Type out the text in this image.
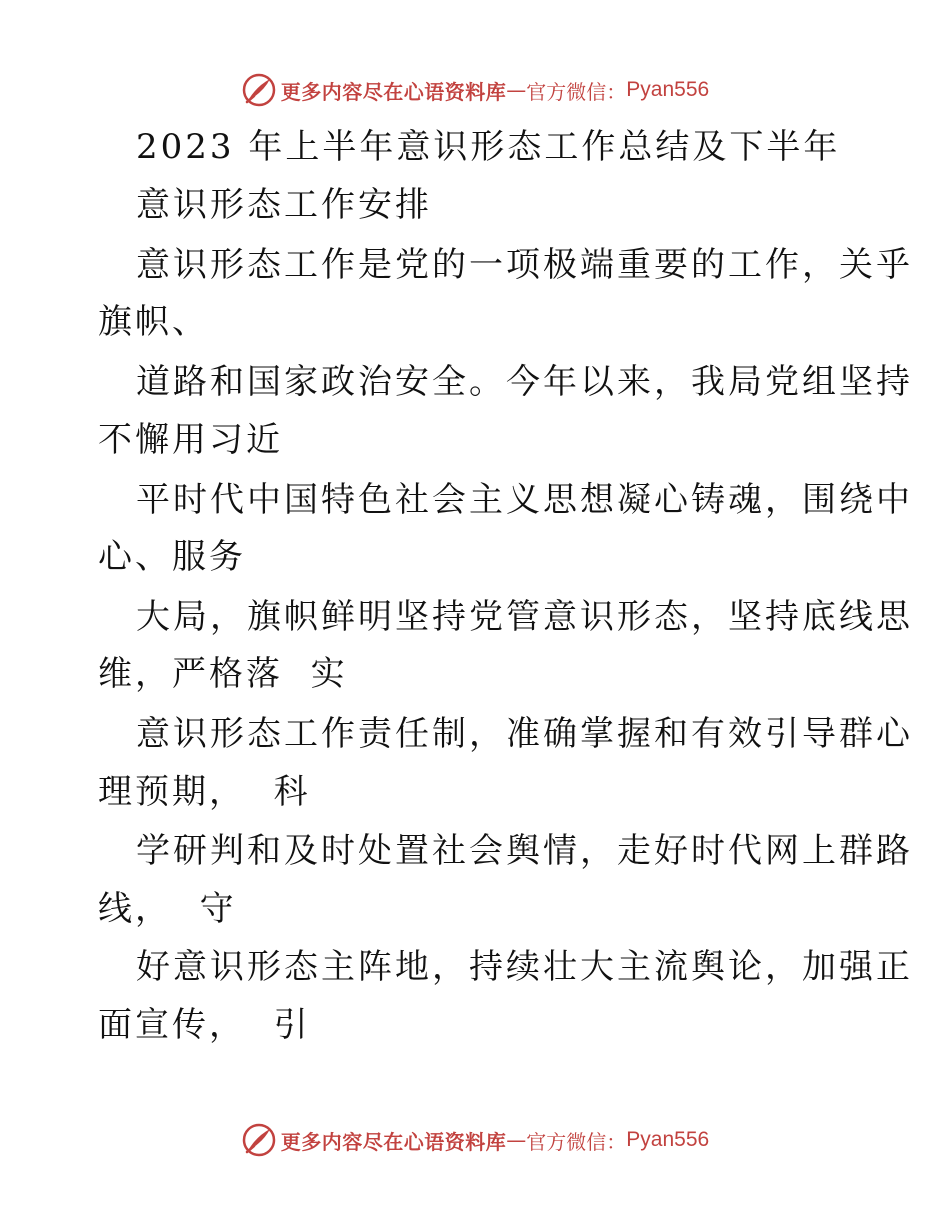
更多内容尽在心语资料库 — 官方微信： Pyan556
2023 年上半年意识形态工作总结及下半年
意识形态工作安排
意识形态工作是党的一项极端重要的工作，关乎
旗帜、
道路和国家政治安全。今年以来，我局党组坚持
不懈用习近
平时代中国特色社会主义思想凝心铸魂，围绕中
心、服务
大局，旗帜鲜明坚持党管意识形态，坚持底线思
维，严格落  实
意识形态工作责任制，准确掌握和有效引导群心
理预期，  科
学研判和及时处置社会舆情，走好时代网上群路
线，  守
好意识形态主阵地，持续壮大主流舆论，加强正
面宣传，  引
更多内容尽在心语资料库 — 官方微信： Pyan556
